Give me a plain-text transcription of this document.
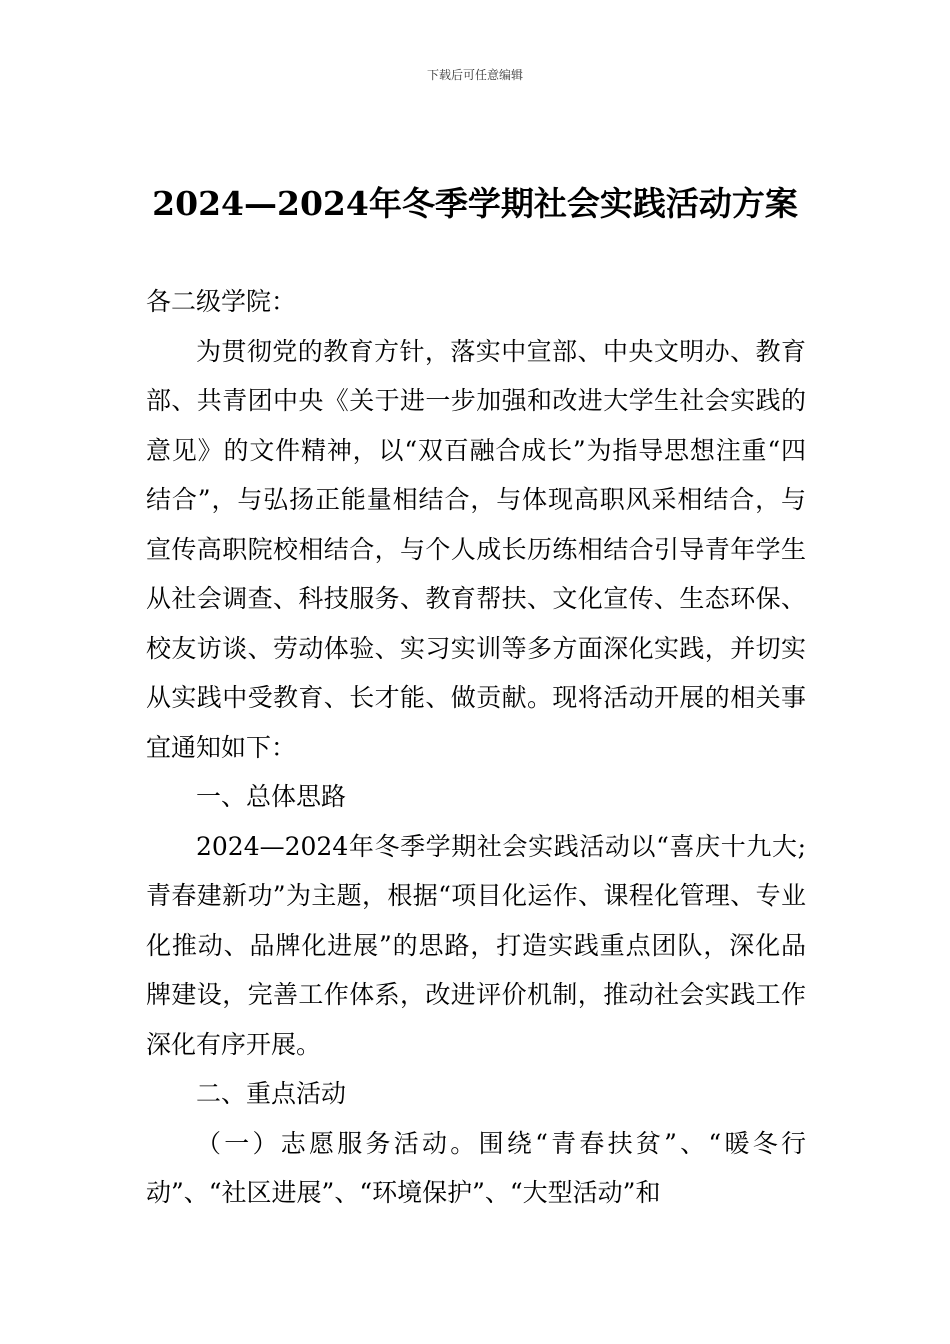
下载后可任意编辑
2024—2024年冬季学期社会实践活动方案

各二级学院：

为贯彻党的教育方针，落实中宣部、中央文明办、教育部、共青团中央《关于进一步加强和改进大学生社会实践的意见》的文件精神，以“双百融合成长”为指导思想注重“四结合”，与弘扬正能量相结合，与体现高职风采相结合，与宣传高职院校相结合，与个人成长历练相结合引导青年学生从社会调查、科技服务、教育帮扶、文化宣传、生态环保、校友访谈、劳动体验、实习实训等多方面深化实践，并切实从实践中受教育、长才能、做贡献。现将活动开展的相关事宜通知如下：

一、总体思路

2024—2024年冬季学期社会实践活动以“喜庆十九大;青春建新功”为主题，根据“项目化运作、课程化管理、专业化推动、品牌化进展”的思路，打造实践重点团队，深化品牌建设，完善工作体系，改进评价机制，推动社会实践工作深化有序开展。

二、重点活动

（一）志愿服务活动。围绕“青春扶贫”、“暖冬行动”、“社区进展”、“环境保护”、“大型活动”和
